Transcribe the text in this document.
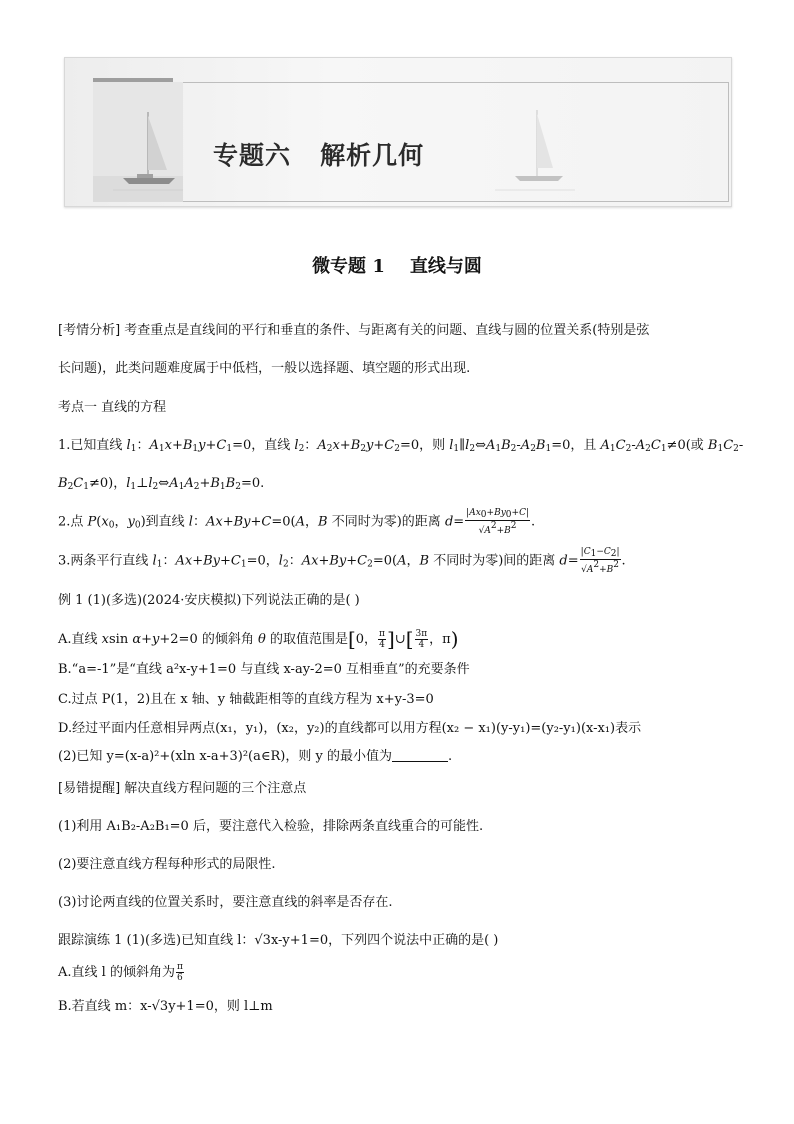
专题六   解析几何
微专题 1    直线与圆
[考情分析] 考查重点是直线间的平行和垂直的条件、与距离有关的问题、直线与圆的位置关系(特别是弦
长问题)，此类问题难度属于中低档，一般以选择题、填空题的形式出现.
考点一 直线的方程
1.已知直线 $l_1$：$A_1x+B_1y+C_1=0$，直线 $l_2$：$A_2x+B_2y+C_2=0$，则 $l_1\parallel l_2\Leftrightarrow A_1B_2-A_2B_1=0$，且 $A_1C_2-A_2C_1\ne 0$(或 $B_1C_2-$
$B_2C_1\ne 0$)，$l_1\perp l_2\Leftrightarrow A_1A_2+B_1B_2=0$.
2.点 $P(x_0$，$y_0$)到直线 l：Ax+By+C=0(A，B 不同时为零)的距离 $d= \frac{|Ax0+By0+C|}{√A2+B2}$ .
3.两条平行直线 $l_1$：$Ax+By+C_1=0$，$l_2$：$Ax+By+C_2=0(A$，B 不同时为零)间的距离 $d= \frac{|C1-C2|}{√A2+B2}$ .
例 1 (1)(多选)(2024·安庆模拟)下列说法正确的是( )
A.直线 xsin α+y+2=0 的倾斜角 θ 的取值范围是[0， $\frac{\pi}{4}$ ]∪[ $\frac{3\pi}{4}$ ，π)
B.“a=-1”是“直线 a²x-y+1=0 与直线 x-ay-2=0 互相垂直”的充要条件
C.过点 P(1，2)且在 x 轴、y 轴截距相等的直线方程为 x+y-3=0
D.经过平面内任意相异两点(x₁，y₁)，(x₂，y₂)的直线都可以用方程(x₂ − x₁)(y-y₁)=(y₂-y₁)(x-x₁)表示
(2)已知 y=(x-a)²+(xln x-a+3)²(a∈R)，则 y 的最小值为	.
[易错提醒] 解决直线方程问题的三个注意点
(1)利用 A₁B₂-A₂B₁=0 后，要注意代入检验，排除两条直线重合的可能性.
(2)要注意直线方程每种形式的局限性.
(3)讨论两直线的位置关系时，要注意直线的斜率是否存在.
跟踪演练 1 (1)(多选)已知直线 l：√3x-y+1=0，下列四个说法中正确的是( )
A.直线 l 的倾斜角为 $\frac{\pi}{6}$
B.若直线 m：x-√3y+1=0，则 l⊥m
